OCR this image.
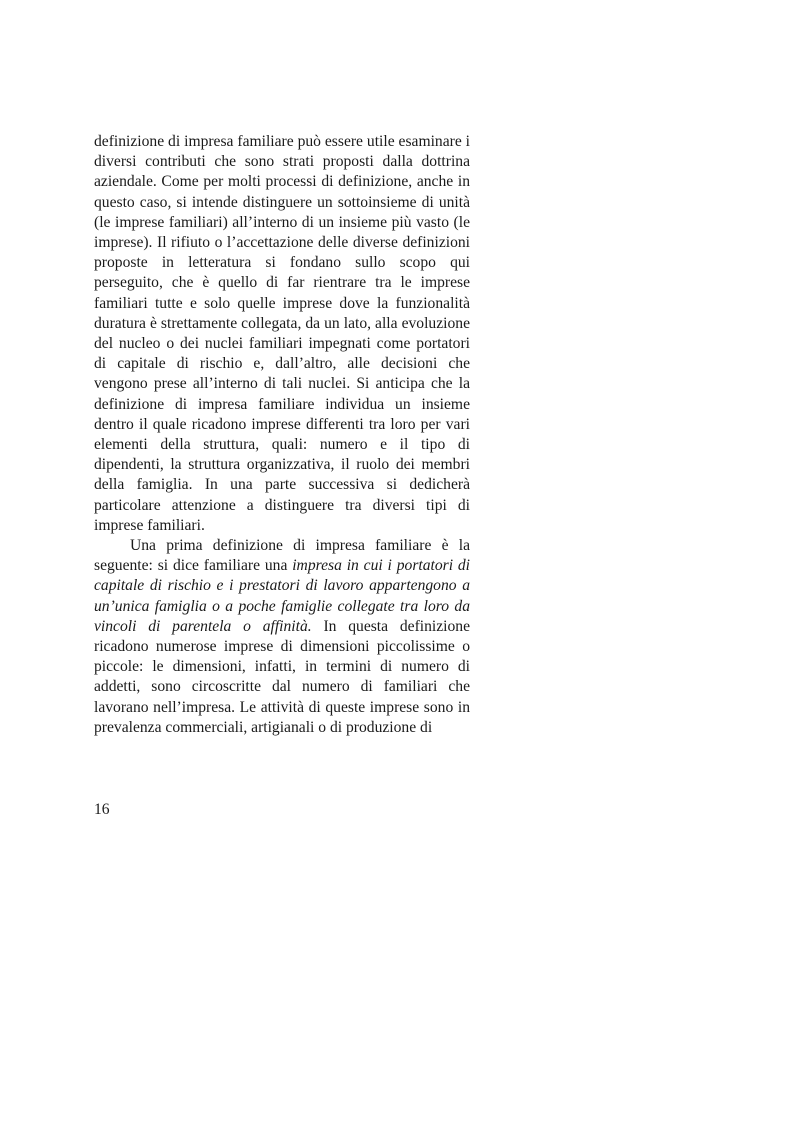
definizione di impresa familiare può essere utile esaminare i diversi contributi che sono strati proposti dalla dottrina aziendale. Come per molti processi di definizione, anche in questo caso, si intende distinguere un sottoinsieme di unità (le imprese familiari) all’interno di un insieme più vasto (le imprese). Il rifiuto o l’accettazione delle diverse definizioni proposte in letteratura si fondano sullo scopo qui perseguito, che è quello di far rientrare tra le imprese familiari tutte e solo quelle imprese dove la funzionalità duratura è strettamente collegata, da un lato, alla evoluzione del nucleo o dei nuclei familiari impegnati come portatori di capitale di rischio e, dall’altro, alle decisioni che vengono prese all’interno di tali nuclei. Si anticipa che la definizione di impresa familiare individua un insieme dentro il quale ricadono imprese differenti tra loro per vari elementi della struttura, quali: numero e il tipo di dipendenti, la struttura organizzativa, il ruolo dei membri della famiglia. In una parte successiva si dedicherà particolare attenzione a distinguere tra diversi tipi di imprese familiari.

Una prima definizione di impresa familiare è la seguente: si dice familiare una impresa in cui i portatori di capitale di rischio e i prestatori di lavoro appartengono a un’unica famiglia o a poche famiglie collegate tra loro da vincoli di parentela o affinità. In questa definizione ricadono numerose imprese di dimensioni piccolissime o piccole: le dimensioni, infatti, in termini di numero di addetti, sono circoscritte dal numero di familiari che lavorano nell’impresa. Le attività di queste imprese sono in prevalenza commerciali, artigianali o di produzione di

16
